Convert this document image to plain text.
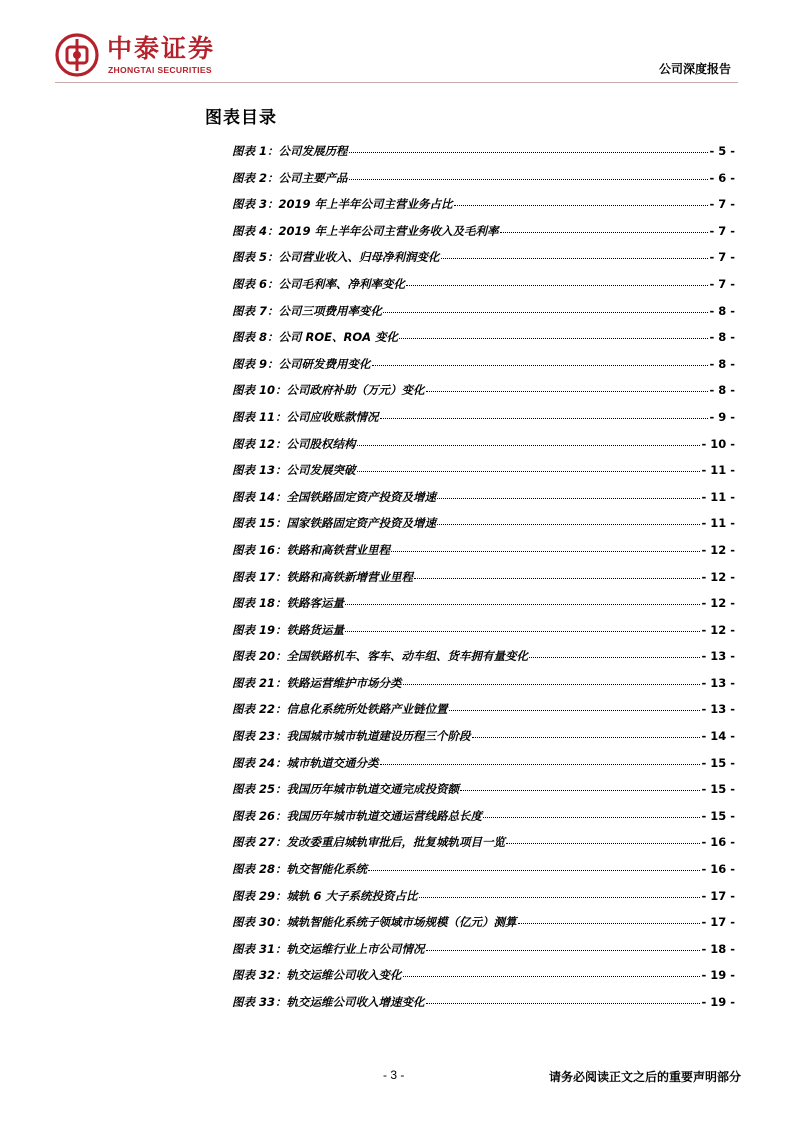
中泰证券
ZHONGTAI SECURITIES	公司深度报告
图表目录
图表 1：公司发展历程	- 5 -
图表 2：公司主要产品	- 6 -
图表 3：2019 年上半年公司主营业务占比	- 7 -
图表 4：2019 年上半年公司主营业务收入及毛利率	- 7 -
图表 5：公司营业收入、归母净利润变化	- 7 -
图表 6：公司毛利率、净利率变化	- 7 -
图表 7：公司三项费用率变化	- 8 -
图表 8：公司 ROE、ROA 变化	- 8 -
图表 9：公司研发费用变化	- 8 -
图表 10：公司政府补助（万元）变化	- 8 -
图表 11：公司应收账款情况	- 9 -
图表 12：公司股权结构	- 10 -
图表 13：公司发展突破	- 11 -
图表 14：全国铁路固定资产投资及增速	- 11 -
图表 15：国家铁路固定资产投资及增速	- 11 -
图表 16：铁路和高铁营业里程	- 12 -
图表 17：铁路和高铁新增营业里程	- 12 -
图表 18：铁路客运量	- 12 -
图表 19：铁路货运量	- 12 -
图表 20：全国铁路机车、客车、动车组、货车拥有量变化	- 13 -
图表 21：铁路运营维护市场分类	- 13 -
图表 22：信息化系统所处铁路产业链位置	- 13 -
图表 23：我国城市城市轨道建设历程三个阶段	- 14 -
图表 24：城市轨道交通分类	- 15 -
图表 25：我国历年城市轨道交通完成投资额	- 15 -
图表 26：我国历年城市轨道交通运营线路总长度	- 15 -
图表 27：发改委重启城轨审批后，批复城轨项目一览	- 16 -
图表 28：轨交智能化系统	- 16 -
图表 29：城轨 6 大子系统投资占比	- 17 -
图表 30：城轨智能化系统子领域市场规模（亿元）测算	- 17 -
图表 31：轨交运维行业上市公司情况	- 18 -
图表 32：轨交运维公司收入变化	- 19 -
图表 33：轨交运维公司收入增速变化	- 19 -
- 3 -	请务必阅读正文之后的重要声明部分
